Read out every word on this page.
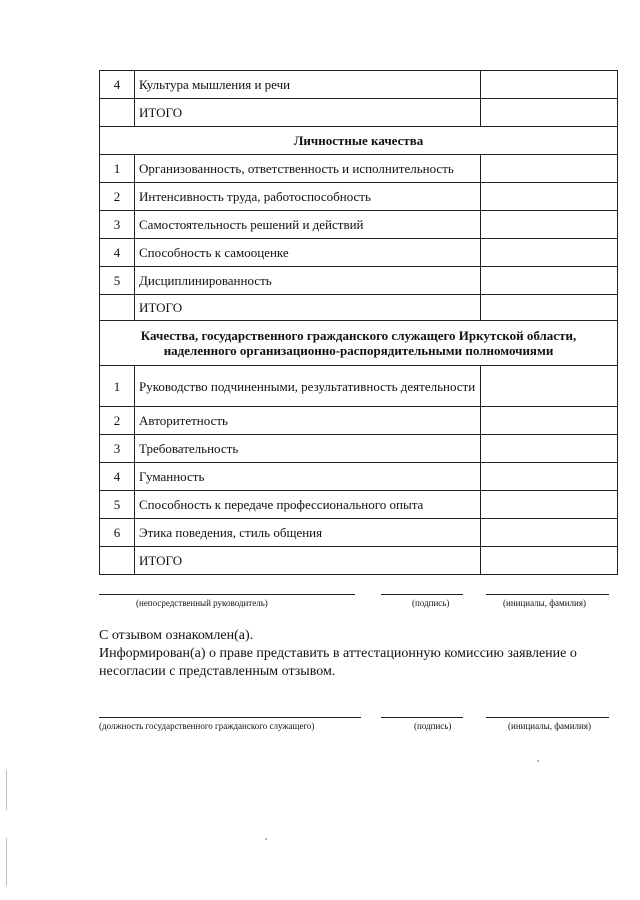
4	Культура мышления и речи	
	ИТОГО	
Личностные качества		
1	Организованность, ответственность и исполнительность	
2	Интенсивность труда, работоспособность	
3	Самостоятельность решений и действий	
4	Способность к самооценке	
5	Дисциплинированность	
	ИТОГО	
Качества, государственного гражданского служащего Иркутской области, наделенного организационно-распорядительными полномочиями		
1	Руководство подчиненными, результативность деятельности	
2	Авторитетность	
3	Требовательность	
4	Гуманность	
5	Способность к передаче профессионального опыта	
6	Этика поведения, стиль общения	
	ИТОГО	
(непосредственный руководитель)	(подпись)	(инициалы, фамилия)
С отзывом ознакомлен(а).
Информирован(а) о праве представить в аттестационную комиссию заявление о несогласии с представленным отзывом.
(должность государственного гражданского служащего)	(подпись)	(инициалы, фамилия)
